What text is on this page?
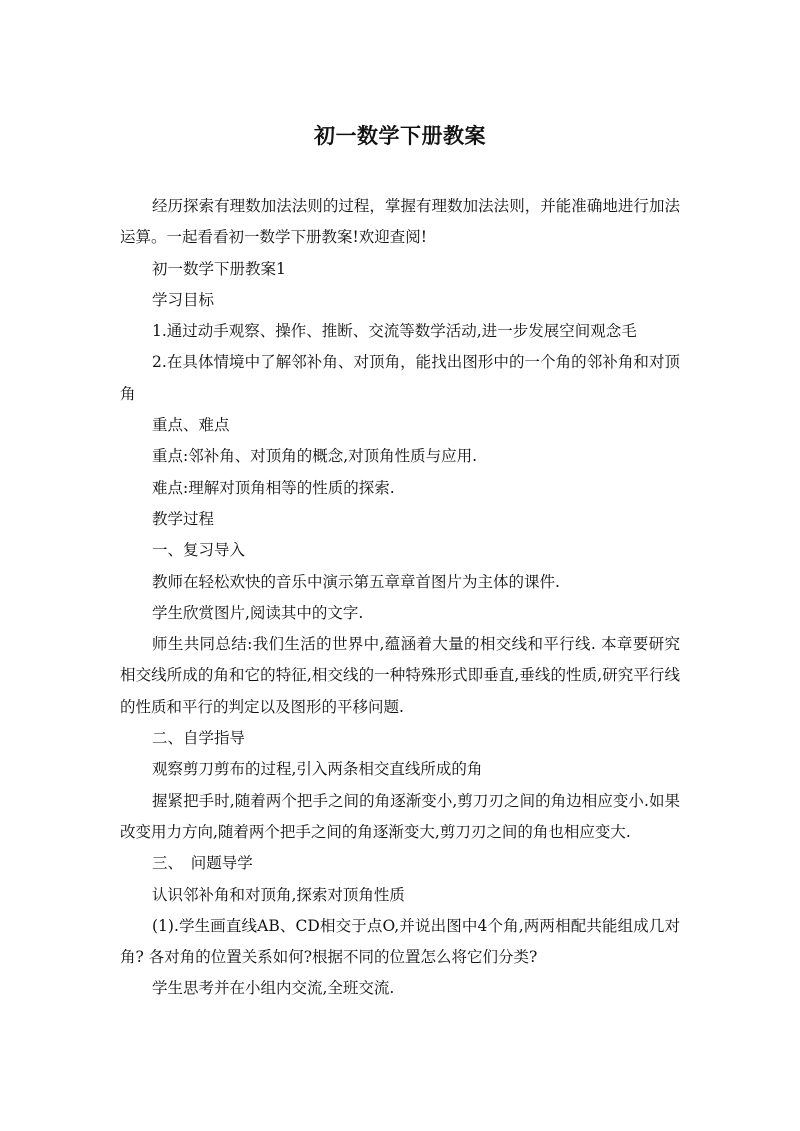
初一数学下册教案

经历探索有理数加法法则的过程，掌握有理数加法法则，并能准确地进行加法运算。一起看看初一数学下册教案!欢迎查阅!

初一数学下册教案1

学习目标

1.通过动手观察、操作、推断、交流等数学活动,进一步发展空间观念毛

2.在具体情境中了解邻补角、对顶角，能找出图形中的一个角的邻补角和对顶角

重点、难点

重点:邻补角、对顶角的概念,对顶角性质与应用.

难点:理解对顶角相等的性质的探索.

教学过程

一、复习导入

教师在轻松欢快的音乐中演示第五章章首图片为主体的课件.

学生欣赏图片,阅读其中的文字.

师生共同总结:我们生活的世界中,蕴涵着大量的相交线和平行线. 本章要研究相交线所成的角和它的特征,相交线的一种特殊形式即垂直,垂线的性质,研究平行线的性质和平行的判定以及图形的平移问题.

二、自学指导

观察剪刀剪布的过程,引入两条相交直线所成的角

握紧把手时,随着两个把手之间的角逐渐变小,剪刀刃之间的角边相应变小.如果改变用力方向,随着两个把手之间的角逐渐变大,剪刀刃之间的角也相应变大.

三、　问题导学

认识邻补角和对顶角,探索对顶角性质

(1).学生画直线AB、CD相交于点O,并说出图中4个角,两两相配共能组成几对角? 各对角的位置关系如何?根据不同的位置怎么将它们分类?

学生思考并在小组内交流,全班交流.
